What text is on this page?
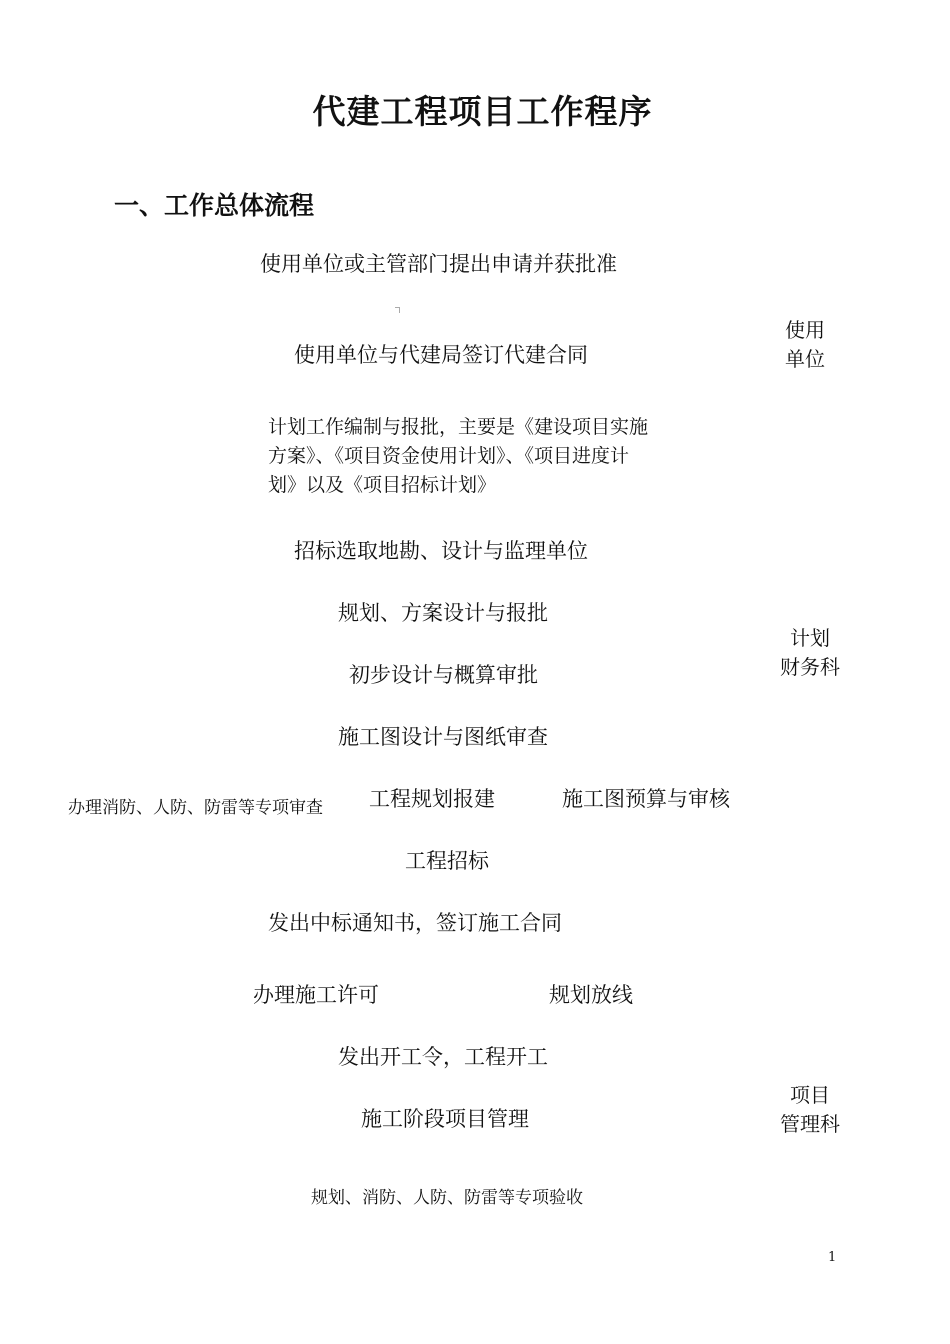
代建工程项目工作程序
一、工作总体流程
使用单位或主管部门提出申请并获批准
使用单位与代建局签订代建合同
计划工作编制与报批，主要是《建设项目实施方案》、《项目资金使用计划》、《项目进度计划》以及《项目招标计划》
招标选取地勘、设计与监理单位
规划、方案设计与报批
初步设计与概算审批
施工图设计与图纸审查
办理消防、人防、防雷等专项审查 工程规划报建	施工图预算与审核
工程招标
发出中标通知书，签订施工合同
办理施工许可	规划放线
发出开工令，工程开工
施工阶段项目管理
规划、消防、人防、防雷等专项验收
使用
单位
计划
财务科
项目
管理科
1
